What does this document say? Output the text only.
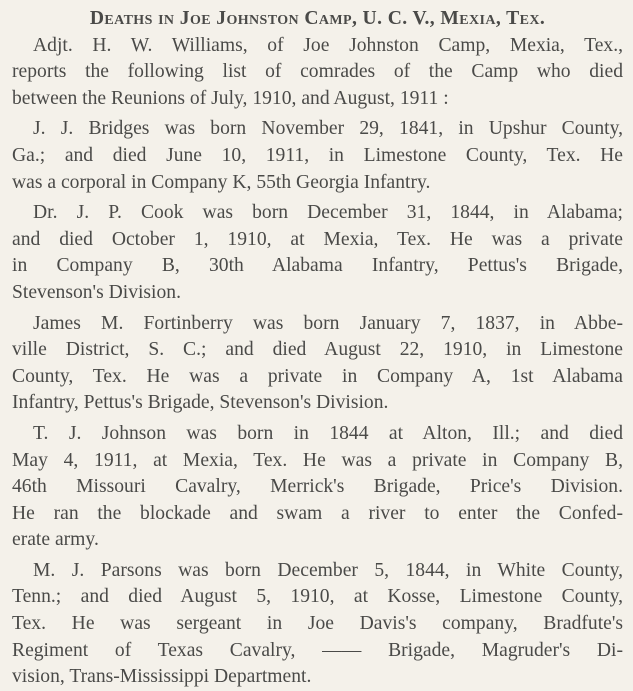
Deaths in Joe Johnston Camp, U. C. V., Mexia, Tex.
Adjt. H. W. Williams, of Joe Johnston Camp, Mexia, Tex.,
reports the following list of comrades of the Camp who died
between the Reunions of July, 1910, and August, 1911 :
J. J. Bridges was born November 29, 1841, in Upshur County,
Ga.; and died June 10, 1911, in Limestone County, Tex. He
was a corporal in Company K, 55th Georgia Infantry.
Dr. J. P. Cook was born December 31, 1844, in Alabama;
and died October 1, 1910, at Mexia, Tex. He was a private
in Company B, 30th Alabama Infantry, Pettus's Brigade,
Stevenson's Division.
James M. Fortinberry was born January 7, 1837, in Abbe-
ville District, S. C.; and died August 22, 1910, in Limestone
County, Tex. He was a private in Company A, 1st Alabama
Infantry, Pettus's Brigade, Stevenson's Division.
T. J. Johnson was born in 1844 at Alton, Ill.; and died
May 4, 1911, at Mexia, Tex. He was a private in Company B,
46th Missouri Cavalry, Merrick's Brigade, Price's Division.
He ran the blockade and swam a river to enter the Confed-
erate army.
M. J. Parsons was born December 5, 1844, in White County,
Tenn.; and died August 5, 1910, at Kosse, Limestone County,
Tex. He was sergeant in Joe Davis's company, Bradfute's
Regiment of Texas Cavalry, —— Brigade, Magruder's Di-
vision, Trans-Mississippi Department.
